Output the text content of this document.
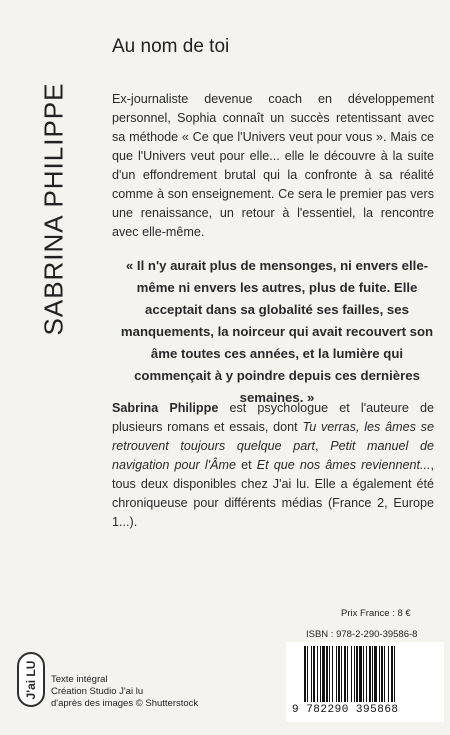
SABRINA PHILIPPE
Au nom de toi

Ex-journaliste devenue coach en développement personnel, Sophia connaît un succès retentissant avec sa méthode « Ce que l'Univers veut pour vous ». Mais ce que l'Univers veut pour elle... elle le découvre à la suite d'un effondrement brutal qui la confronte à sa réalité comme à son enseignement. Ce sera le premier pas vers une renaissance, un retour à l'essentiel, la rencontre avec elle-même.

« Il n'y aurait plus de mensonges, ni envers elle-même ni envers les autres, plus de fuite. Elle acceptait dans sa globalité ses failles, ses manquements, la noirceur qui avait recouvert son âme toutes ces années, et la lumière qui commençait à y poindre depuis ces dernières semaines. »

Sabrina Philippe est psychologue et l'auteure de plusieurs romans et essais, dont Tu verras, les âmes se retrouvent toujours quelque part, Petit manuel de navigation pour l'Âme et Et que nos âmes reviennent..., tous deux disponibles chez J'ai lu. Elle a également été chroniqueuse pour différents médias (France 2, Europe 1...).

J'ai LU Texte intégral
Création Studio J'ai lu
d'après des images © Shutterstock
Prix France : 8 €
ISBN : 978-2-290-39586-8
9 782290 395868
